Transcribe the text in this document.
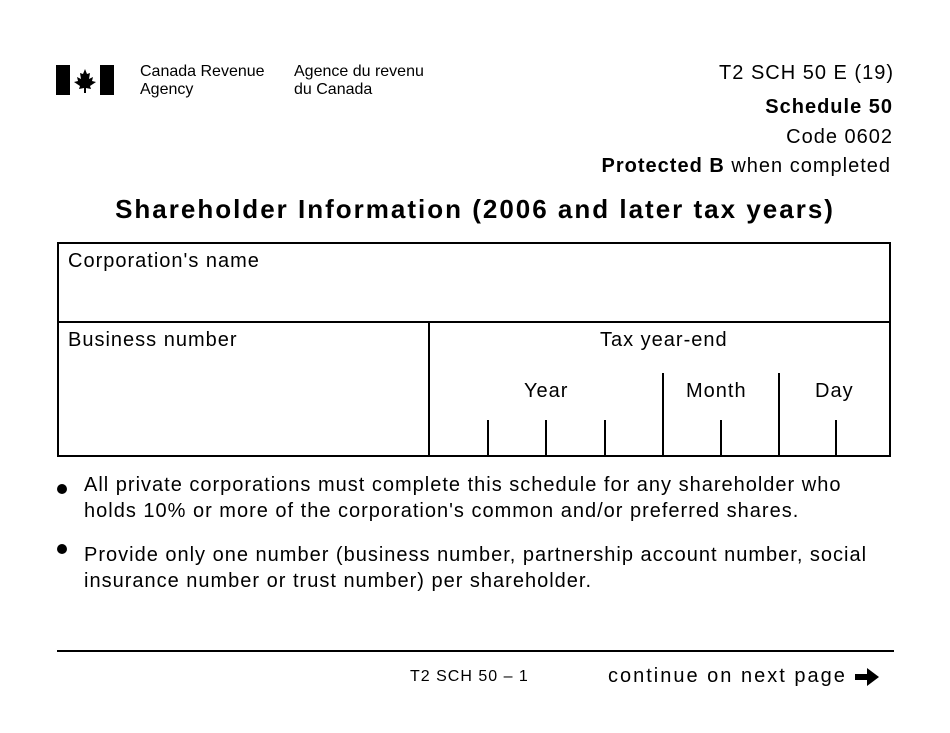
Canada Revenue
Agency
Agence du revenu
du Canada
T2 SCH 50 E (19)
Schedule 50
Code 0602
Protected B when completed
Shareholder Information (2006 and later tax years)
Corporation's name
Business number	Tax year-end
Year	Month	Day
All private corporations must complete this schedule for any shareholder who holds 10% or more of the corporation's common and/or preferred shares.
Provide only one number (business number, partnership account number, social insurance number or trust number) per shareholder.
T2 SCH 50 – 1	continue on next page
